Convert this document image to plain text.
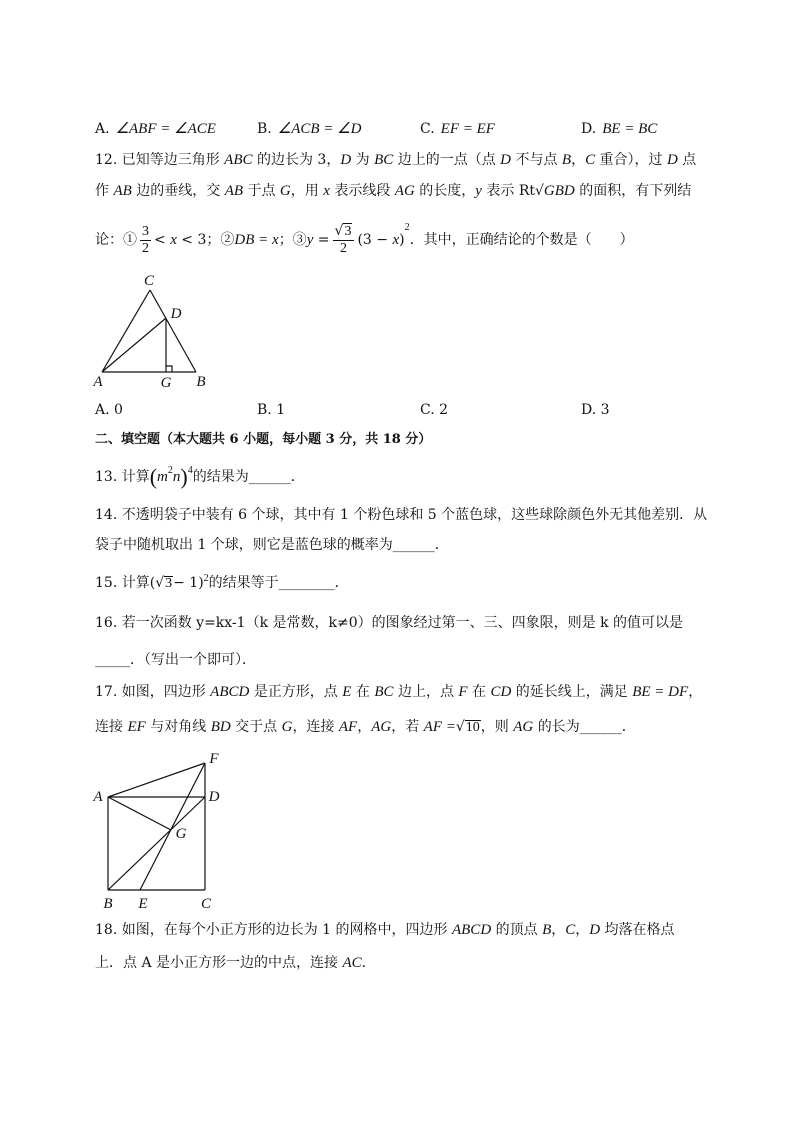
A. ∠ABF = ∠ACE	B. ∠ACB = ∠D	C. EF = EF	D. BE = BC
12. 已知等边三角形 ABC 的边长为 3，D 为 BC 边上的一点（点 D 不与点 B，C 重合），过 D 点
作 AB 边的垂线，交 AB 于点 G，用 x 表示线段 AG 的长度，y 表示 Rt√GBD 的面积，有下列结
论：① $\frac{3}{2} < x < 3$；②DB = x；③y = $\frac{√3}{2} (3 - x)$
2
．其中，正确结论的个数是（　　）
C
D
A	G B
A. 0	B. 1	C. 2	D. 3
二、填空题（本大题共 6 小题，每小题 3 分，共 18 分）
13. 计算 ( m 2 n ) 4 的结果为______．
14. 不透明袋子中装有 6 个球，其中有 1 个粉色球和 5 个蓝色球，这些球除颜色外无其他差别．从
袋子中随机取出 1 个球，则它是蓝色球的概率为______．
15. 计算 ( √ 3 − 1) 2 的结果等于________．
16. 若一次函数 y=kx-1（k 是常数，k≠0）的图象经过第一、三、四象限，则是 k 的值可以是
_____．（写出一个即可）．
17. 如图，四边形 ABCD 是正方形，点 E 在 BC 边上，点 F 在 CD 的延长线上，满足 BE = DF，
连接 EF 与对角线 BD 交于点 G，连接 AF，AG，若 AF = √ 10 ，则 AG 的长为______．
F
A	D
G
B E	C
18. 如图，在每个小正方形的边长为 1 的网格中，四边形 ABCD 的顶点 B，C，D 均落在格点
上．点 A 是小正方形一边的中点，连接 AC．
